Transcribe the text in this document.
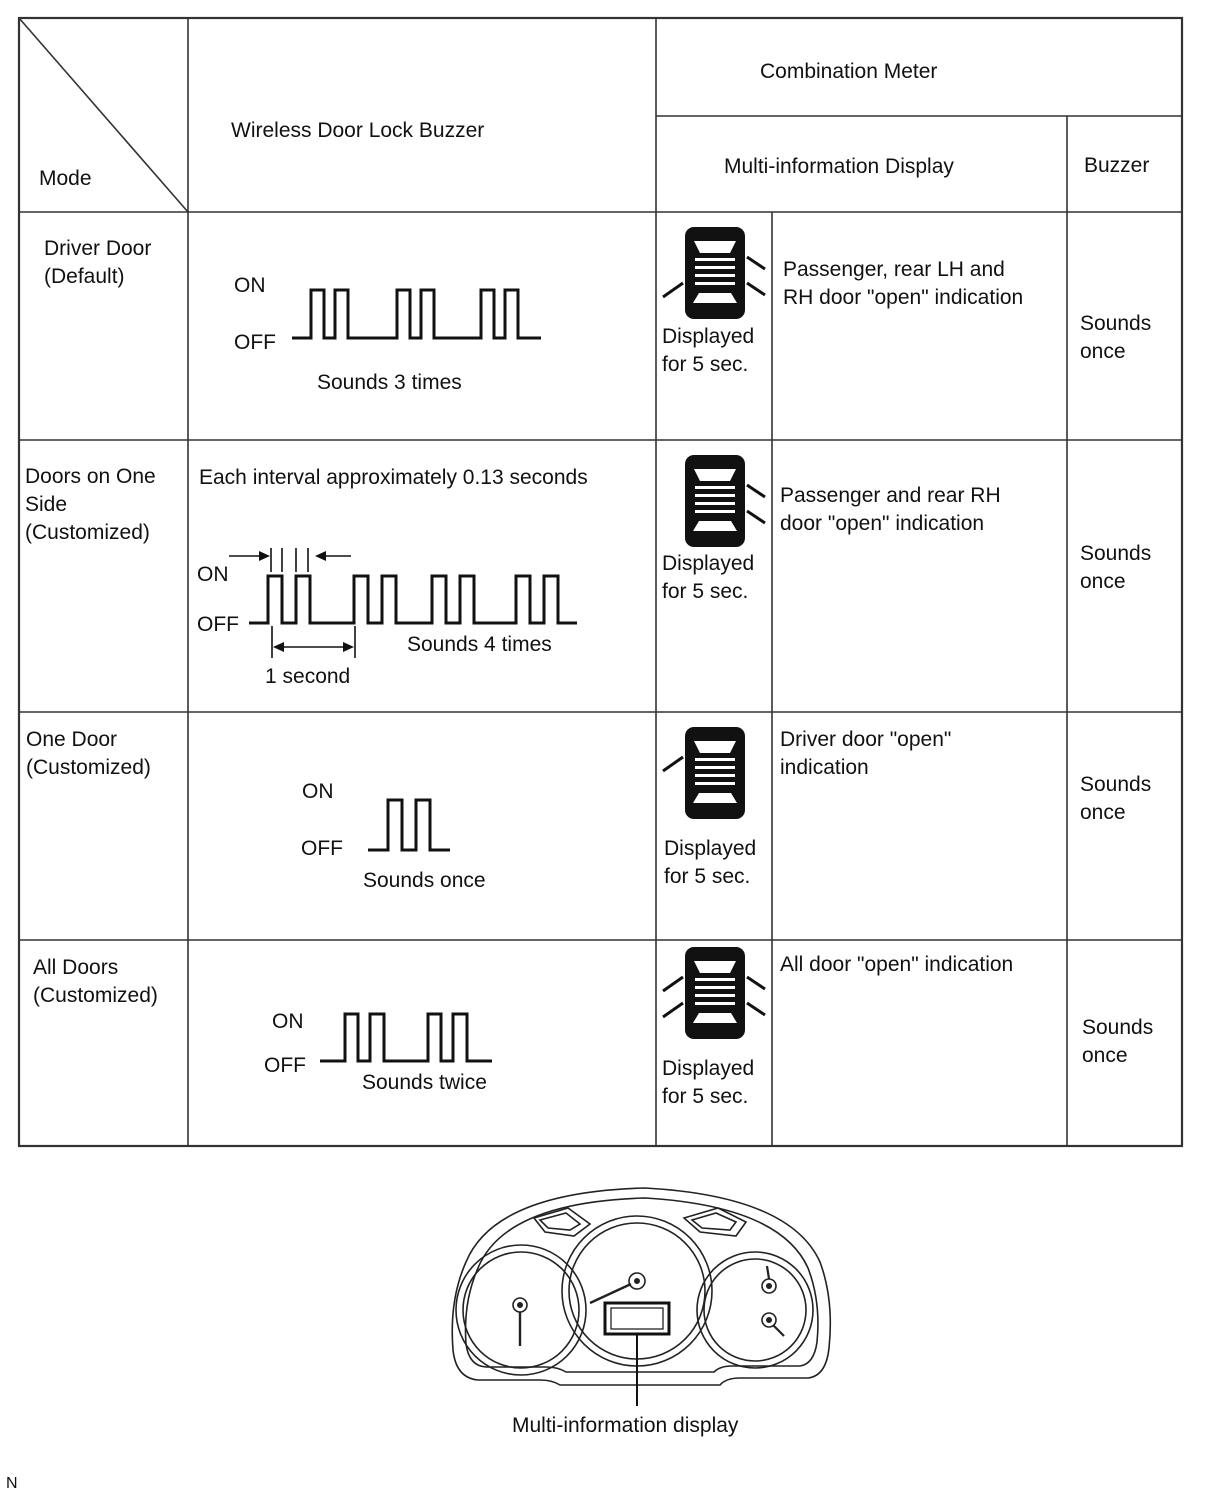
Mode
Wireless Door Lock Buzzer
Combination Meter
Multi-information Display	Buzzer
Driver Door (Default)	ON
OFF
Sounds 3 times
Displayed for 5 sec.
Passenger, rear LH and RH door "open" indication
Sounds once
Doors on One Side (Customized)
Each interval approximately 0.13 seconds
ON
OFF
1 second
Sounds 4 times
Displayed for 5 sec.
Passenger and rear RH door "open" indication
Sounds once
One Door (Customized)
ON
OFF
Sounds once
Displayed for 5 sec.
Driver door "open" indication
Sounds once
All Doors (Customized)
ON
OFF
Sounds twice
Displayed for 5 sec.
All door "open" indication
Sounds once
Multi-information display
N
